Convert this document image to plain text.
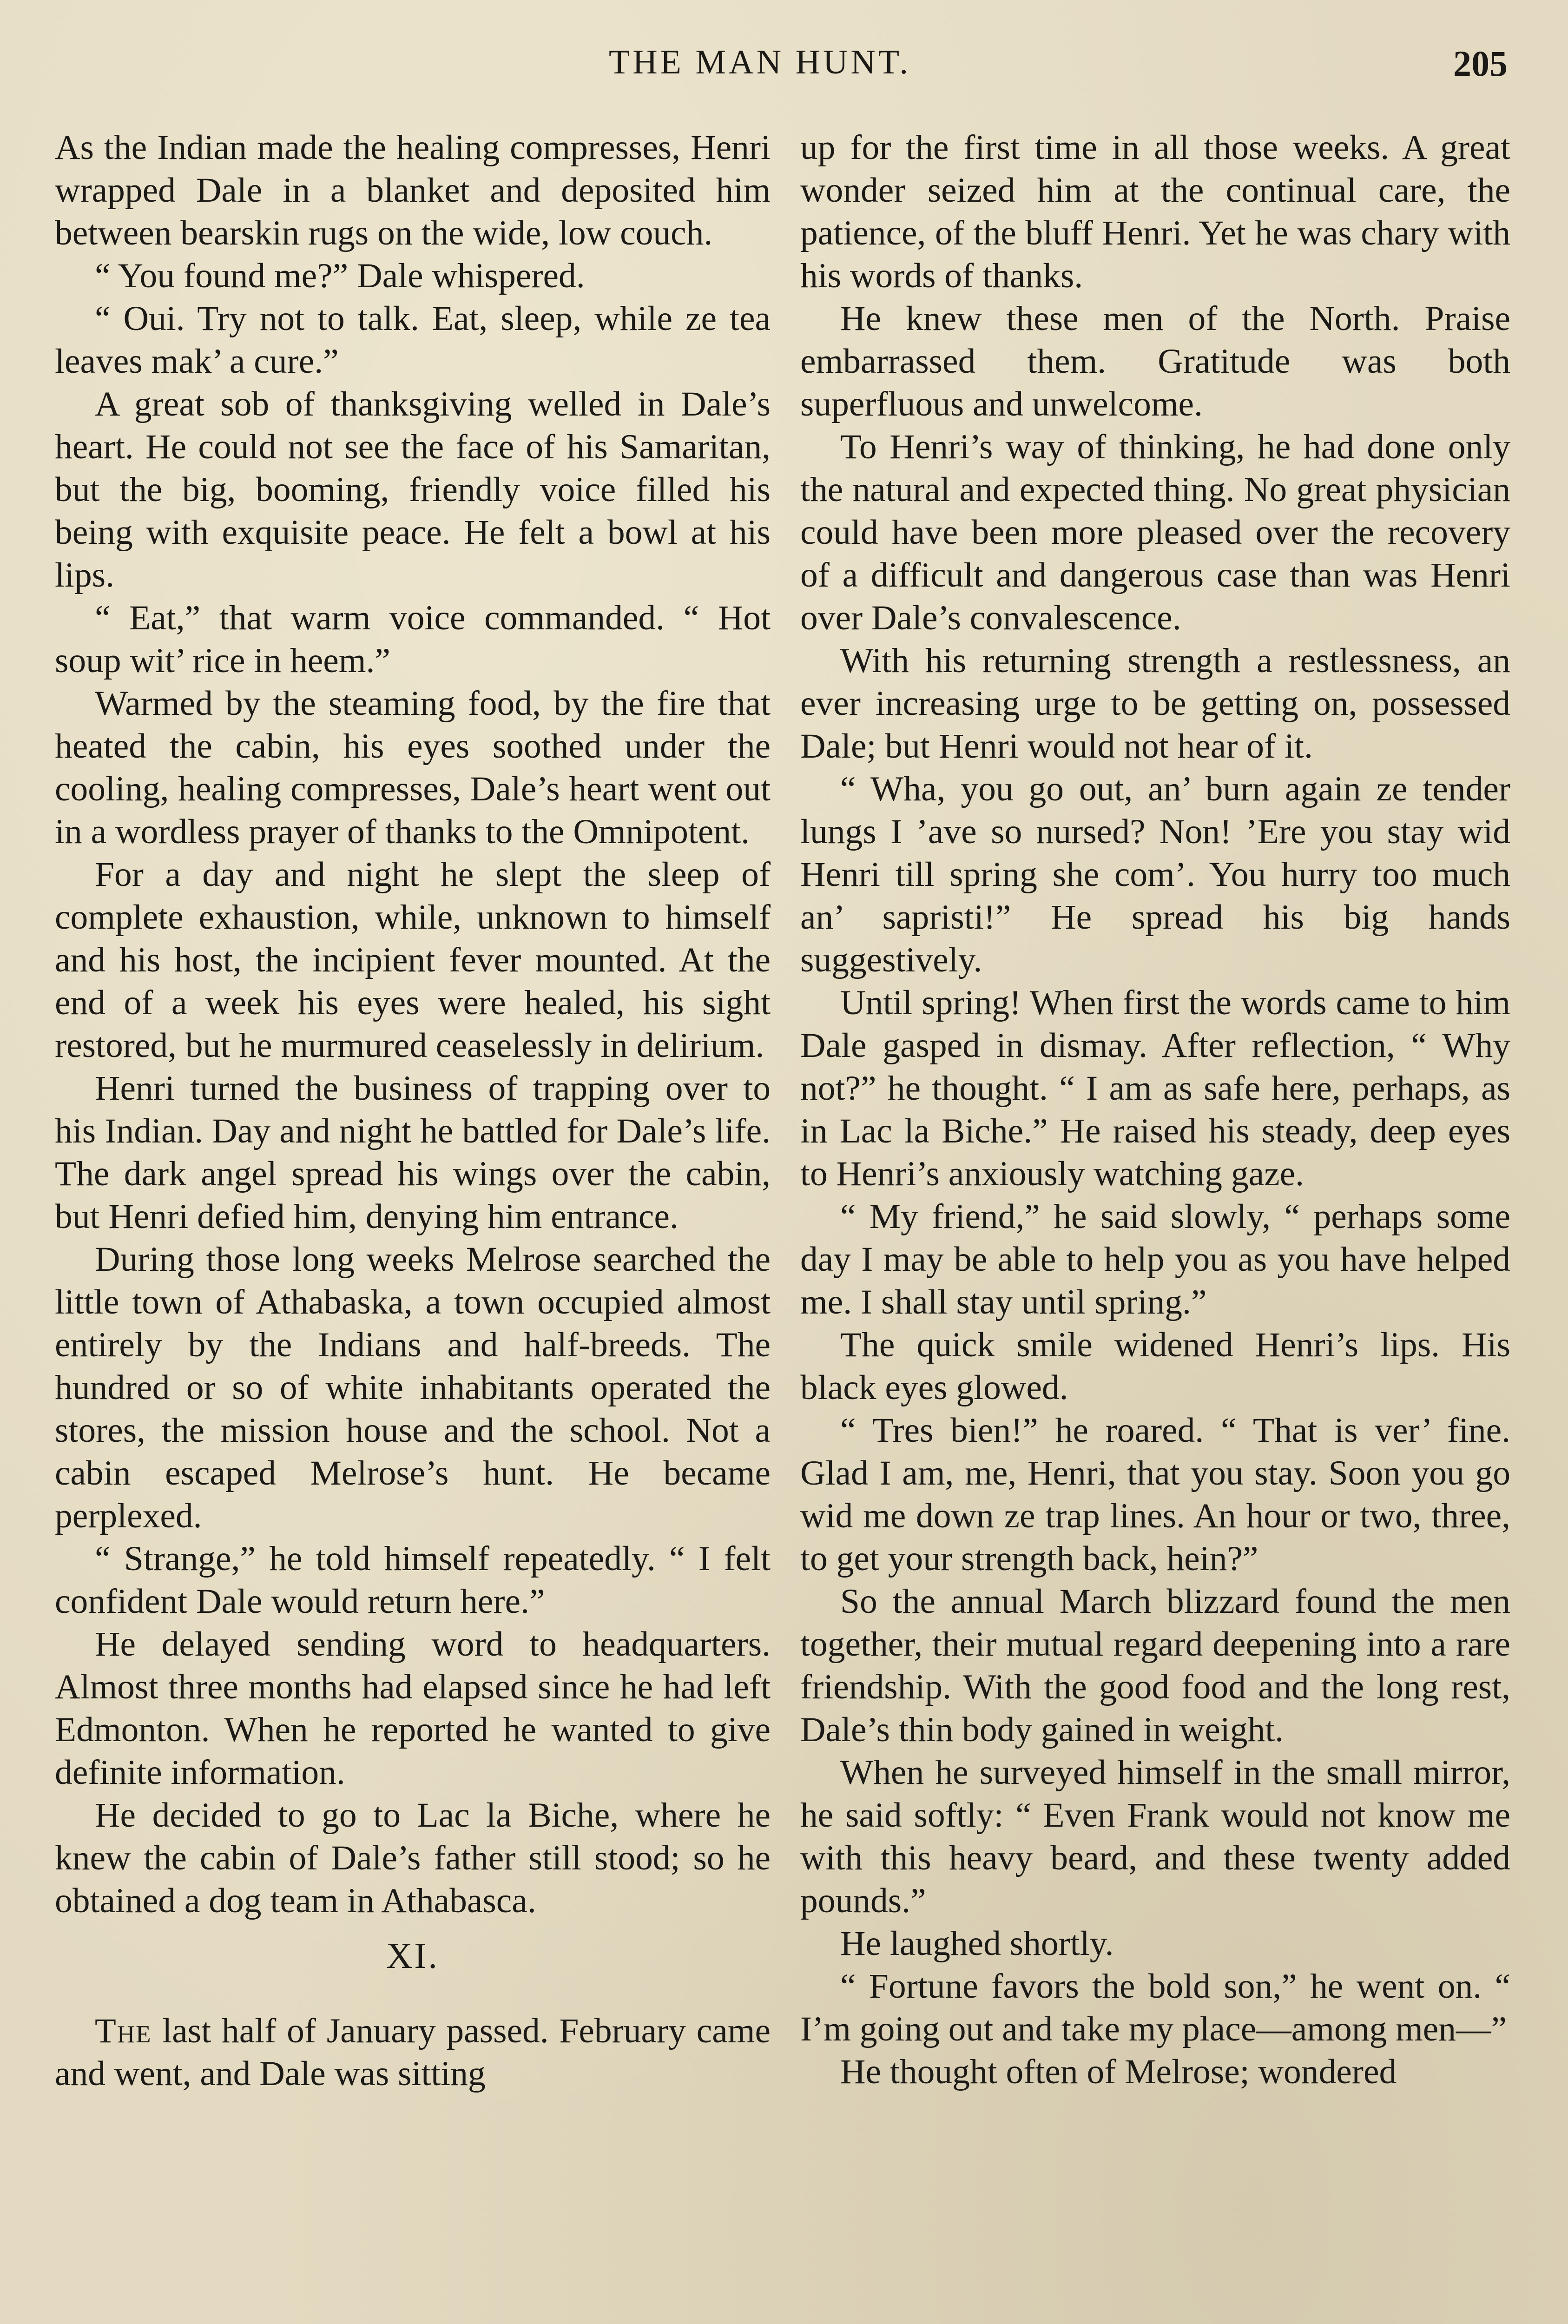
THE MAN HUNT.	205

As the Indian made the healing compresses, Henri wrapped Dale in a blanket and deposited him between bearskin rugs on the wide, low couch.

“ You found me?” Dale whispered.

“ Oui. Try not to talk. Eat, sleep, while ze tea leaves mak’ a cure.”

A great sob of thanksgiving welled in Dale’s heart. He could not see the face of his Samaritan, but the big, booming, friendly voice filled his being with exquisite peace. He felt a bowl at his lips.

“ Eat,” that warm voice commanded. “ Hot soup wit’ rice in heem.”

Warmed by the steaming food, by the fire that heated the cabin, his eyes soothed under the cooling, healing compresses, Dale’s heart went out in a wordless prayer of thanks to the Omnipotent.

For a day and night he slept the sleep of complete exhaustion, while, unknown to himself and his host, the incipient fever mounted. At the end of a week his eyes were healed, his sight restored, but he murmured ceaselessly in delirium.

Henri turned the business of trapping over to his Indian. Day and night he battled for Dale’s life. The dark angel spread his wings over the cabin, but Henri defied him, denying him entrance.

During those long weeks Melrose searched the little town of Athabaska, a town occupied almost entirely by the Indians and half-breeds. The hundred or so of white inhabitants operated the stores, the mission house and the school. Not a cabin escaped Melrose’s hunt. He became perplexed.

“ Strange,” he told himself repeatedly. “ I felt confident Dale would return here.”

He delayed sending word to headquarters. Almost three months had elapsed since he had left Edmonton. When he reported he wanted to give definite information.

He decided to go to Lac la Biche, where he knew the cabin of Dale’s father still stood; so he obtained a dog team in Athabasca.

XI.

The last half of January passed. February came and went, and Dale was sitting

up for the first time in all those weeks. A great wonder seized him at the continual care, the patience, of the bluff Henri. Yet he was chary with his words of thanks.

He knew these men of the North. Praise embarrassed them. Gratitude was both superfluous and unwelcome.

To Henri’s way of thinking, he had done only the natural and expected thing. No great physician could have been more pleased over the recovery of a difficult and dangerous case than was Henri over Dale’s convalescence.

With his returning strength a restlessness, an ever increasing urge to be getting on, possessed Dale; but Henri would not hear of it.

“ Wha, you go out, an’ burn again ze tender lungs I ’ave so nursed? Non! ’Ere you stay wid Henri till spring she com’. You hurry too much an’ sapristi!” He spread his big hands suggestively.

Until spring! When first the words came to him Dale gasped in dismay. After reflection, “ Why not?” he thought. “ I am as safe here, perhaps, as in Lac la Biche.” He raised his steady, deep eyes to Henri’s anxiously watching gaze.

“ My friend,” he said slowly, “ perhaps some day I may be able to help you as you have helped me. I shall stay until spring.”

The quick smile widened Henri’s lips. His black eyes glowed.

“ Tres bien!” he roared. “ That is ver’ fine. Glad I am, me, Henri, that you stay. Soon you go wid me down ze trap lines. An hour or two, three, to get your strength back, hein?”

So the annual March blizzard found the men together, their mutual regard deepening into a rare friendship. With the good food and the long rest, Dale’s thin body gained in weight.

When he surveyed himself in the small mirror, he said softly: “ Even Frank would not know me with this heavy beard, and these twenty added pounds.”

He laughed shortly.

“ Fortune favors the bold son,” he went on. “ I’m going out and take my place—among men—”

He thought often of Melrose; wondered
